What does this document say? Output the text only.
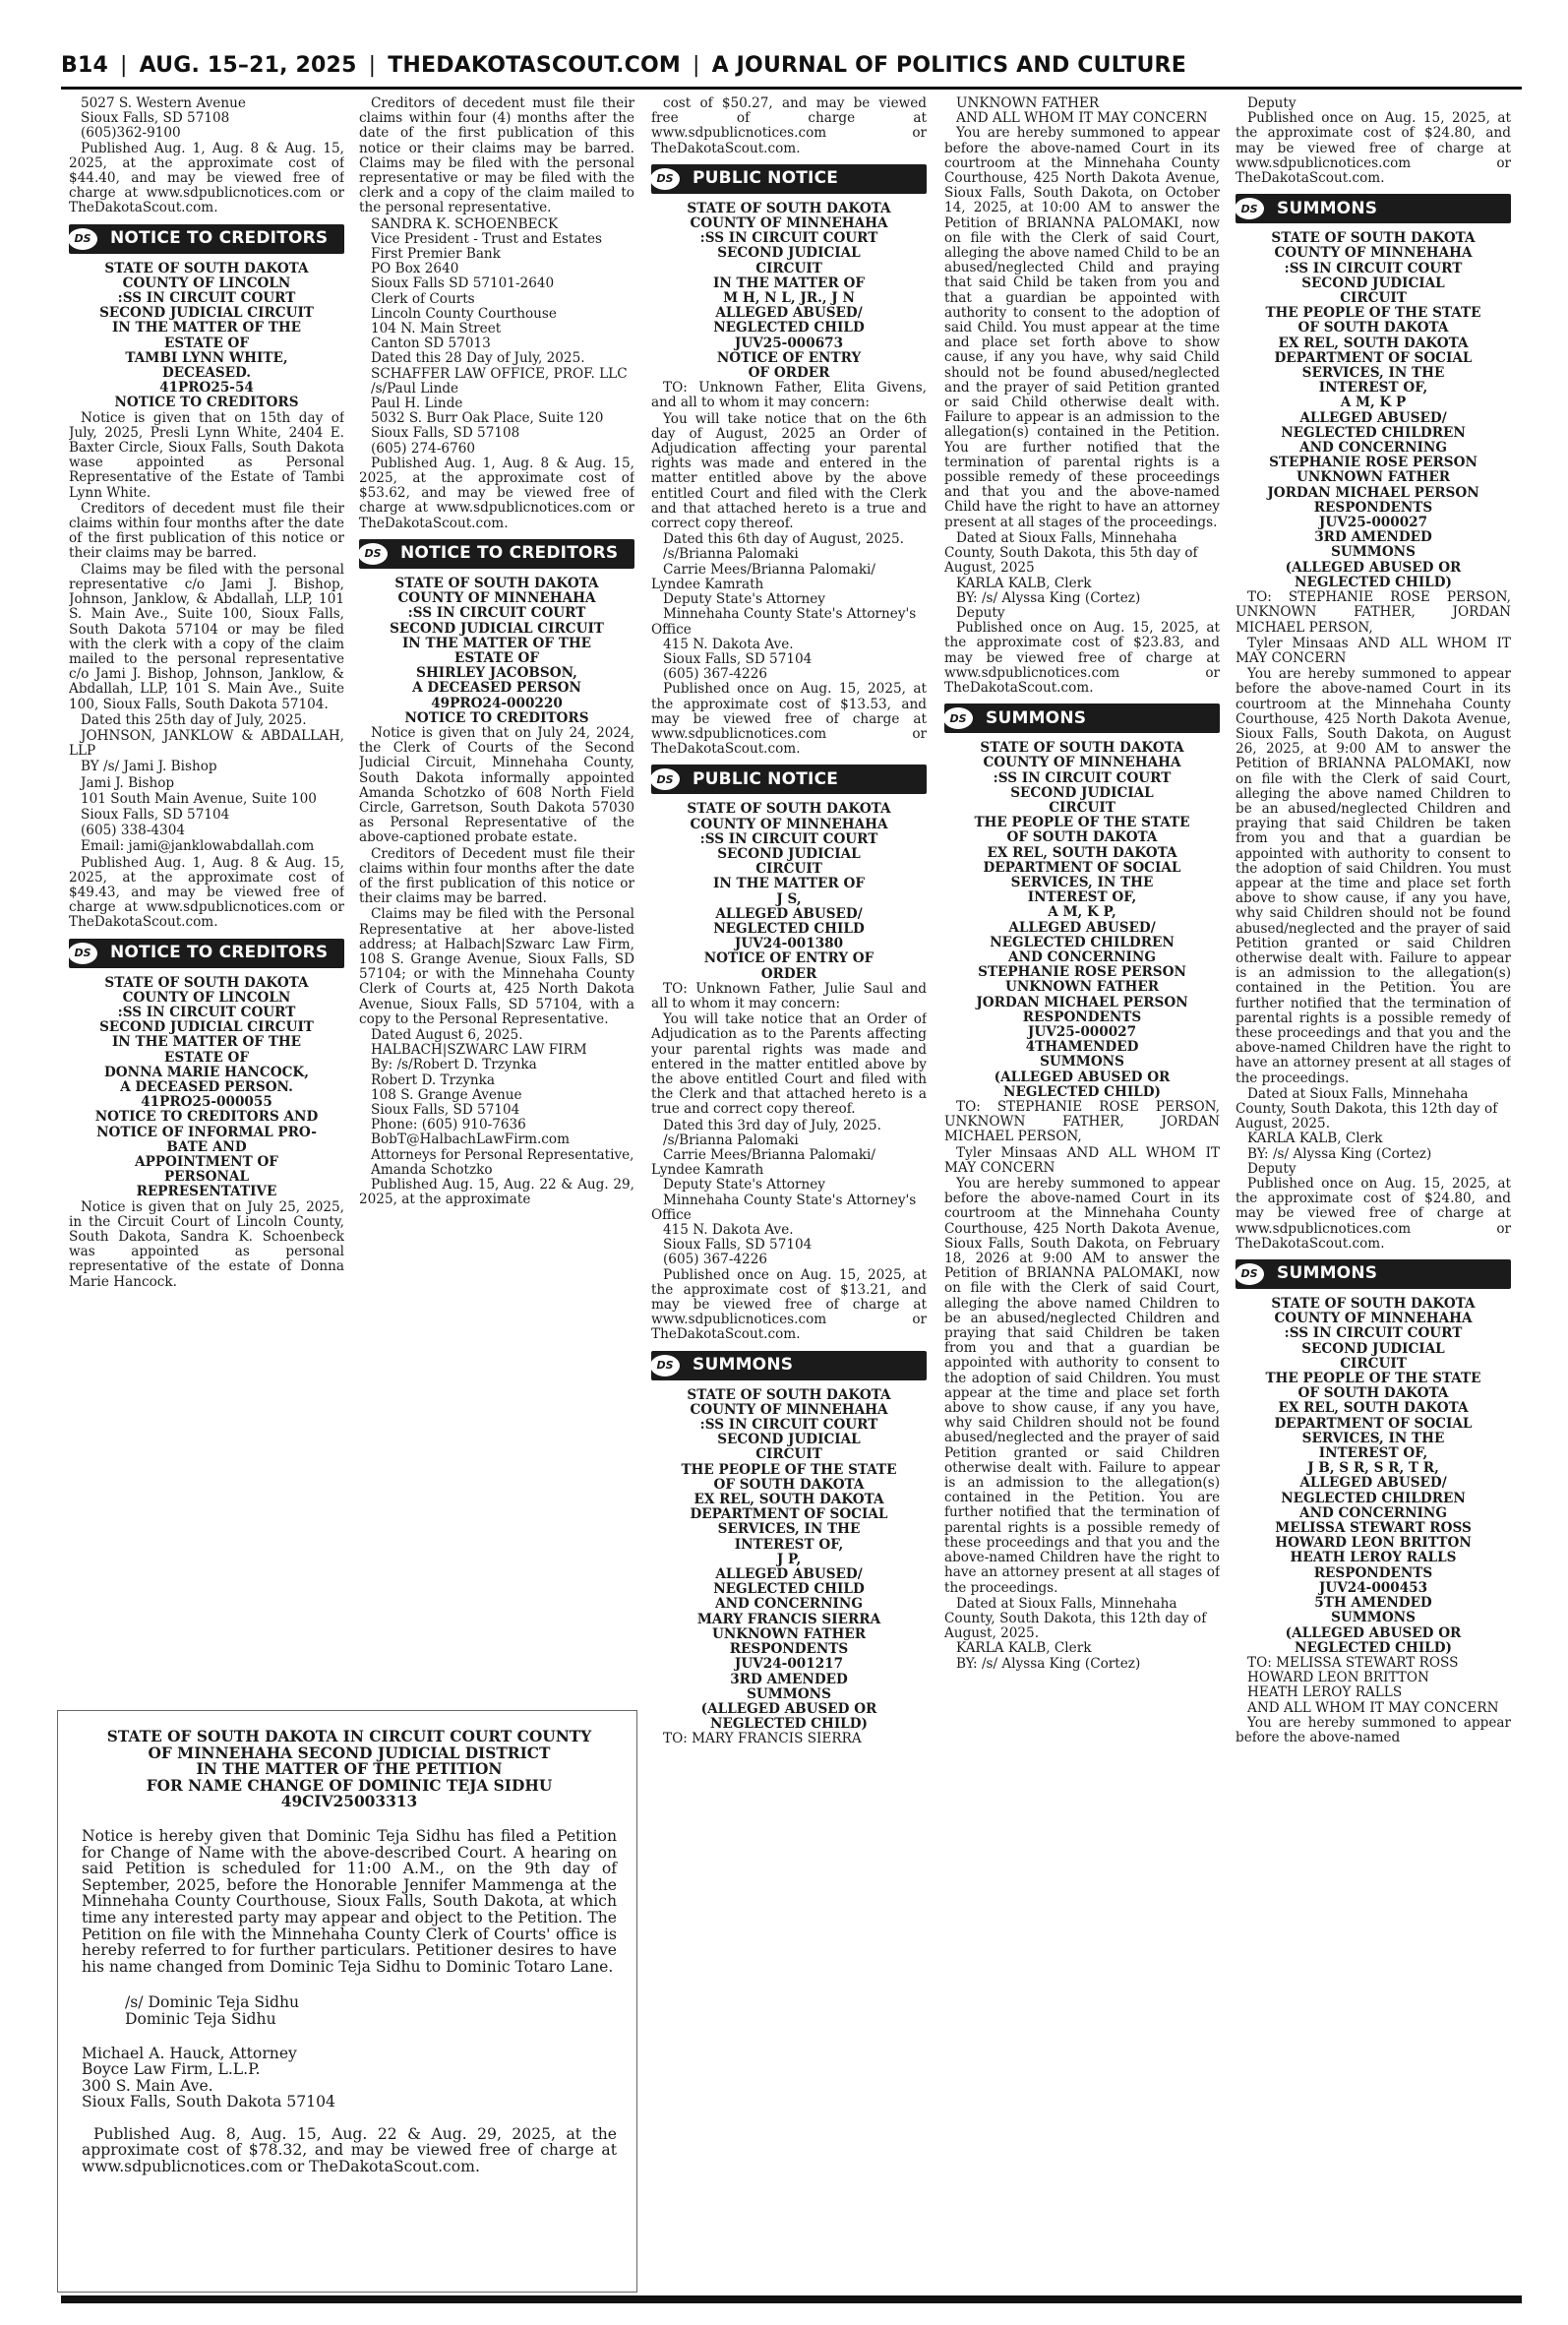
B14 | AUG. 15–21, 2025 | THEDAKOTASCOUT.COM | A JOURNAL OF POLITICS AND CULTURE
5027 S. Western Avenue
Sioux Falls, SD 57108
(605)362-9100

Published Aug. 1, Aug. 8 & Aug. 15, 2025, at the approximate cost of $44.40, and may be viewed free of charge at www.sdpublicnotices.com or TheDakotaScout.com.

DS NOTICE TO CREDITORS
STATE OF SOUTH DAKOTA
COUNTY OF LINCOLN
:SS IN CIRCUIT COURT
SECOND JUDICIAL CIRCUIT
IN THE MATTER OF THE
ESTATE OF
TAMBI LYNN WHITE,
DECEASED.
41PRO25-54
NOTICE TO CREDITORS

Notice is given that on 15th day of July, 2025, Presli Lynn White, 2404 E. Baxter Circle, Sioux Falls, South Dakota wase appointed as Personal Representative of the Estate of Tambi Lynn White.

Creditors of decedent must file their claims within four months after the date of the first publication of this notice or their claims may be barred.

Claims may be filed with the personal representative c/o Jami J. Bishop, Johnson, Janklow, & Abdallah, LLP, 101 S. Main Ave., Suite 100, Sioux Falls, South Dakota 57104 or may be filed with the clerk with a copy of the claim mailed to the personal representative c/o Jami J. Bishop, Johnson, Janklow, & Abdallah, LLP, 101 S. Main Ave., Suite 100, Sioux Falls, South Dakota 57104.

Dated this 25th day of July, 2025.

JOHNSON, JANKLOW & ABDALLAH, LLP

BY /s/ Jami J. Bishop

Jami J. Bishop

101 South Main Avenue, Suite 100

Sioux Falls, SD 57104

(605) 338-4304

Email: jami@janklowabdallah.com

Published Aug. 1, Aug. 8 & Aug. 15, 2025, at the approximate cost of $49.43, and may be viewed free of charge at www.sdpublicnotices.com or TheDakotaScout.com.

DS NOTICE TO CREDITORS
STATE OF SOUTH DAKOTA
COUNTY OF LINCOLN
:SS IN CIRCUIT COURT
SECOND JUDICIAL CIRCUIT
IN THE MATTER OF THE
ESTATE OF
DONNA MARIE HANCOCK,
A DECEASED PERSON.
41PRO25-000055
NOTICE TO CREDITORS AND
NOTICE OF INFORMAL PRO-
BATE AND
APPOINTMENT OF
PERSONAL
REPRESENTATIVE

Notice is given that on July 25, 2025, in the Circuit Court of Lincoln County, South Dakota, Sandra K. Schoenbeck was appointed as personal representative of the estate of Donna Marie Hancock.

Creditors of decedent must file their claims within four (4) months after the date of the first publication of this notice or their claims may be barred. Claims may be filed with the personal representative or may be filed with the clerk and a copy of the claim mailed to the personal representative.

SANDRA K. SCHOENBECK
Vice President - Trust and Estates
First Premier Bank
PO Box 2640
Sioux Falls SD 57101-2640
Clerk of Courts
Lincoln County Courthouse
104 N. Main Street
Canton SD 57013
Dated this 28 Day of July, 2025.
SCHAFFER LAW OFFICE, PROF. LLC
/s/Paul Linde
Paul H. Linde
5032 S. Burr Oak Place, Suite 120
Sioux Falls, SD 57108
(605) 274-6760

Published Aug. 1, Aug. 8 & Aug. 15, 2025, at the approximate cost of $53.62, and may be viewed free of charge at www.sdpublicnotices.com or TheDakotaScout.com.

DS NOTICE TO CREDITORS
STATE OF SOUTH DAKOTA
COUNTY OF MINNEHAHA
:SS IN CIRCUIT COURT
SECOND JUDICIAL CIRCUIT
IN THE MATTER OF THE
ESTATE OF
SHIRLEY JACOBSON,
A DECEASED PERSON
49PRO24-000220
NOTICE TO CREDITORS

Notice is given that on July 24, 2024, the Clerk of Courts of the Second Judicial Circuit, Minnehaha County, South Dakota informally appointed Amanda Schotzko of 608 North Field Circle, Garretson, South Dakota 57030 as Personal Representative of the above-captioned probate estate.

Creditors of Decedent must file their claims within four months after the date of the first publication of this notice or their claims may be barred.

Claims may be filed with the Personal Representative at her above-listed address; at Halbach|Szwarc Law Firm, 108 S. Grange Avenue, Sioux Falls, SD 57104; or with the Minnehaha County Clerk of Courts at, 425 North Dakota Avenue, Sioux Falls, SD 57104, with a copy to the Personal Representative.

Dated August 6, 2025.
HALBACH|SZWARC LAW FIRM
By: /s/Robert D. Trzynka
Robert D. Trzynka
108 S. Grange Avenue
Sioux Falls, SD 57104
Phone: (605) 910-7636
BobT@HalbachLawFirm.com
Attorneys for Personal Representative,
Amanda Schotzko

Published Aug. 15, Aug. 22 & Aug. 29, 2025, at the approximate

cost of $50.27, and may be viewed free of charge at www.sdpublicnotices.com or TheDakotaScout.com.

DS PUBLIC NOTICE
STATE OF SOUTH DAKOTA
COUNTY OF MINNEHAHA
:SS IN CIRCUIT COURT
SECOND JUDICIAL
CIRCUIT
IN THE MATTER OF
M H, N L, JR., J N
ALLEGED ABUSED/
NEGLECTED CHILD
JUV25-000673
NOTICE OF ENTRY
OF ORDER

TO: Unknown Father, Elita Givens, and all to whom it may concern:

You will take notice that on the 6th day of August, 2025 an Order of Adjudication affecting your parental rights was made and entered in the matter entitled above by the above entitled Court and filed with the Clerk and that attached hereto is a true and correct copy thereof.

Dated this 6th day of August, 2025.
/s/Brianna Palomaki
Carrie Mees/Brianna Palomaki/ Lyndee Kamrath
Deputy State's Attorney
Minnehaha County State's Attorney's Office
415 N. Dakota Ave.
Sioux Falls, SD 57104
(605) 367-4226

Published once on Aug. 15, 2025, at the approximate cost of $13.53, and may be viewed free of charge at www.sdpublicnotices.com or TheDakotaScout.com.

DS PUBLIC NOTICE
STATE OF SOUTH DAKOTA
COUNTY OF MINNEHAHA
:SS IN CIRCUIT COURT
SECOND JUDICIAL
CIRCUIT
IN THE MATTER OF
J S,
ALLEGED ABUSED/
NEGLECTED CHILD
JUV24-001380
NOTICE OF ENTRY OF
ORDER

TO: Unknown Father, Julie Saul and all to whom it may concern:

You will take notice that an Order of Adjudication as to the Parents affecting your parental rights was made and entered in the matter entitled above by the above entitled Court and filed with the Clerk and that attached hereto is a true and correct copy thereof.

Dated this 3rd day of July, 2025.
/s/Brianna Palomaki
Carrie Mees/Brianna Palomaki/ Lyndee Kamrath
Deputy State's Attorney
Minnehaha County State's Attorney's Office
415 N. Dakota Ave.
Sioux Falls, SD 57104
(605) 367-4226

Published once on Aug. 15, 2025, at the approximate cost of $13.21, and may be viewed free of charge at www.sdpublicnotices.com or TheDakotaScout.com.

DS SUMMONS
STATE OF SOUTH DAKOTA
COUNTY OF MINNEHAHA
:SS IN CIRCUIT COURT
SECOND JUDICIAL
CIRCUIT
THE PEOPLE OF THE STATE
OF SOUTH DAKOTA
EX REL, SOUTH DAKOTA
DEPARTMENT OF SOCIAL
SERVICES, IN THE
INTEREST OF,
J P,
ALLEGED ABUSED/
NEGLECTED CHILD
AND CONCERNING
MARY FRANCIS SIERRA
UNKNOWN FATHER
RESPONDENTS
JUV24-001217
3RD AMENDED
SUMMONS
(ALLEGED ABUSED OR
NEGLECTED CHILD)

TO: MARY FRANCIS SIERRA

UNKNOWN FATHER
AND ALL WHOM IT MAY CONCERN

You are hereby summoned to appear before the above-named Court in its courtroom at the Minnehaha County Courthouse, 425 North Dakota Avenue, Sioux Falls, South Dakota, on October 14, 2025, at 10:00 AM to answer the Petition of BRIANNA PALOMAKI, now on file with the Clerk of said Court, alleging the above named Child to be an abused/neglected Child and praying that said Child be taken from you and that a guardian be appointed with authority to consent to the adoption of said Child. You must appear at the time and place set forth above to show cause, if any you have, why said Child should not be found abused/neglected and the prayer of said Petition granted or said Child otherwise dealt with. Failure to appear is an admission to the allegation(s) contained in the Petition. You are further notified that the termination of parental rights is a possible remedy of these proceedings and that you and the above-named Child have the right to have an attorney present at all stages of the proceedings.

Dated at Sioux Falls, Minnehaha County, South Dakota, this 5th day of August, 2025
KARLA KALB, Clerk
BY: /s/ Alyssa King (Cortez)
Deputy

Published once on Aug. 15, 2025, at the approximate cost of $23.83, and may be viewed free of charge at www.sdpublicnotices.com or TheDakotaScout.com.

DS SUMMONS
STATE OF SOUTH DAKOTA
COUNTY OF MINNEHAHA
:SS IN CIRCUIT COURT
SECOND JUDICIAL
CIRCUIT
THE PEOPLE OF THE STATE
OF SOUTH DAKOTA
EX REL, SOUTH DAKOTA
DEPARTMENT OF SOCIAL
SERVICES, IN THE
INTEREST OF,
A M, K P,
ALLEGED ABUSED/
NEGLECTED CHILDREN
AND CONCERNING
STEPHANIE ROSE PERSON
UNKNOWN FATHER
JORDAN MICHAEL PERSON
RESPONDENTS
JUV25-000027
4THAMENDED
SUMMONS
(ALLEGED ABUSED OR
NEGLECTED CHILD)

TO: STEPHANIE ROSE PERSON, UNKNOWN FATHER, JORDAN MICHAEL PERSON,

Tyler Minsaas AND ALL WHOM IT MAY CONCERN

You are hereby summoned to appear before the above-named Court in its courtroom at the Minnehaha County Courthouse, 425 North Dakota Avenue, Sioux Falls, South Dakota, on February 18, 2026 at 9:00 AM to answer the Petition of BRIANNA PALOMAKI, now on file with the Clerk of said Court, alleging the above named Children to be an abused/neglected Children and praying that said Children be taken from you and that a guardian be appointed with authority to consent to the adoption of said Children. You must appear at the time and place set forth above to show cause, if any you have, why said Children should not be found abused/neglected and the prayer of said Petition granted or said Children otherwise dealt with. Failure to appear is an admission to the allegation(s) contained in the Petition. You are further notified that the termination of parental rights is a possible remedy of these proceedings and that you and the above-named Children have the right to have an attorney present at all stages of the proceedings.

Dated at Sioux Falls, Minnehaha County, South Dakota, this 12th day of August, 2025.
KARLA KALB, Clerk
BY: /s/ Alyssa King (Cortez)
Deputy

Published once on Aug. 15, 2025, at the approximate cost of $24.80, and may be viewed free of charge at www.sdpublicnotices.com or TheDakotaScout.com.

DS SUMMONS
STATE OF SOUTH DAKOTA
COUNTY OF MINNEHAHA
:SS IN CIRCUIT COURT
SECOND JUDICIAL
CIRCUIT
THE PEOPLE OF THE STATE
OF SOUTH DAKOTA
EX REL, SOUTH DAKOTA
DEPARTMENT OF SOCIAL
SERVICES, IN THE
INTEREST OF,
A M, K P
ALLEGED ABUSED/
NEGLECTED CHILDREN
AND CONCERNING
STEPHANIE ROSE PERSON
UNKNOWN FATHER
JORDAN MICHAEL PERSON
RESPONDENTS
JUV25-000027
3RD AMENDED
SUMMONS
(ALLEGED ABUSED OR
NEGLECTED CHILD)

TO: STEPHANIE ROSE PERSON, UNKNOWN FATHER, JORDAN MICHAEL PERSON,

Tyler Minsaas AND ALL WHOM IT MAY CONCERN

You are hereby summoned to appear before the above-named Court in its courtroom at the Minnehaha County Courthouse, 425 North Dakota Avenue, Sioux Falls, South Dakota, on August 26, 2025, at 9:00 AM to answer the Petition of BRIANNA PALOMAKI, now on file with the Clerk of said Court, alleging the above named Children to be an abused/neglected Children and praying that said Children be taken from you and that a guardian be appointed with authority to consent to the adoption of said Children. You must appear at the time and place set forth above to show cause, if any you have, why said Children should not be found abused/neglected and the prayer of said Petition granted or said Children otherwise dealt with. Failure to appear is an admission to the allegation(s) contained in the Petition. You are further notified that the termination of parental rights is a possible remedy of these proceedings and that you and the above-named Children have the right to have an attorney present at all stages of the proceedings.

Dated at Sioux Falls, Minnehaha County, South Dakota, this 12th day of August, 2025.
KARLA KALB, Clerk
BY: /s/ Alyssa King (Cortez)
Deputy

Published once on Aug. 15, 2025, at the approximate cost of $24.80, and may be viewed free of charge at www.sdpublicnotices.com or TheDakotaScout.com.

DS SUMMONS
STATE OF SOUTH DAKOTA
COUNTY OF MINNEHAHA
:SS IN CIRCUIT COURT
SECOND JUDICIAL
CIRCUIT
THE PEOPLE OF THE STATE
OF SOUTH DAKOTA
EX REL, SOUTH DAKOTA
DEPARTMENT OF SOCIAL
SERVICES, IN THE
INTEREST OF,
J B, S R, S R, T R,
ALLEGED ABUSED/
NEGLECTED CHILDREN
AND CONCERNING
MELISSA STEWART ROSS
HOWARD LEON BRITTON
HEATH LEROY RALLS
RESPONDENTS
JUV24-000453
5TH AMENDED
SUMMONS
(ALLEGED ABUSED OR
NEGLECTED CHILD)
TO: MELISSA STEWART ROSS
HOWARD LEON BRITTON
HEATH LEROY RALLS
AND ALL WHOM IT MAY CONCERN

You are hereby summoned to appear before the above-named

STATE OF SOUTH DAKOTA IN CIRCUIT COURT COUNTY
OF MINNEHAHA SECOND JUDICIAL DISTRICT
IN THE MATTER OF THE PETITION
FOR NAME CHANGE OF DOMINIC TEJA SIDHU
49CIV25003313
Notice is hereby given that Dominic Teja Sidhu has filed a Petition for Change of Name with the above-described Court. A hearing on said Petition is scheduled for 11:00 A.M., on the 9th day of September, 2025, before the Honorable Jennifer Mammenga at the Minnehaha County Courthouse, Sioux Falls, South Dakota, at which time any interested party may appear and object to the Petition. The Petition on file with the Minnehaha County Clerk of Courts' office is hereby referred to for further particulars. Petitioner desires to have his name changed from Dominic Teja Sidhu to Dominic Totaro Lane.
/s/ Dominic Teja Sidhu
Dominic Teja Sidhu
Michael A. Hauck, Attorney
Boyce Law Firm, L.L.P.
300 S. Main Ave.
Sioux Falls, South Dakota 57104
Published Aug. 8, Aug. 15, Aug. 22 & Aug. 29, 2025, at the approximate cost of $78.32, and may be viewed free of charge at www.sdpublicnotices.com or TheDakotaScout.com.
